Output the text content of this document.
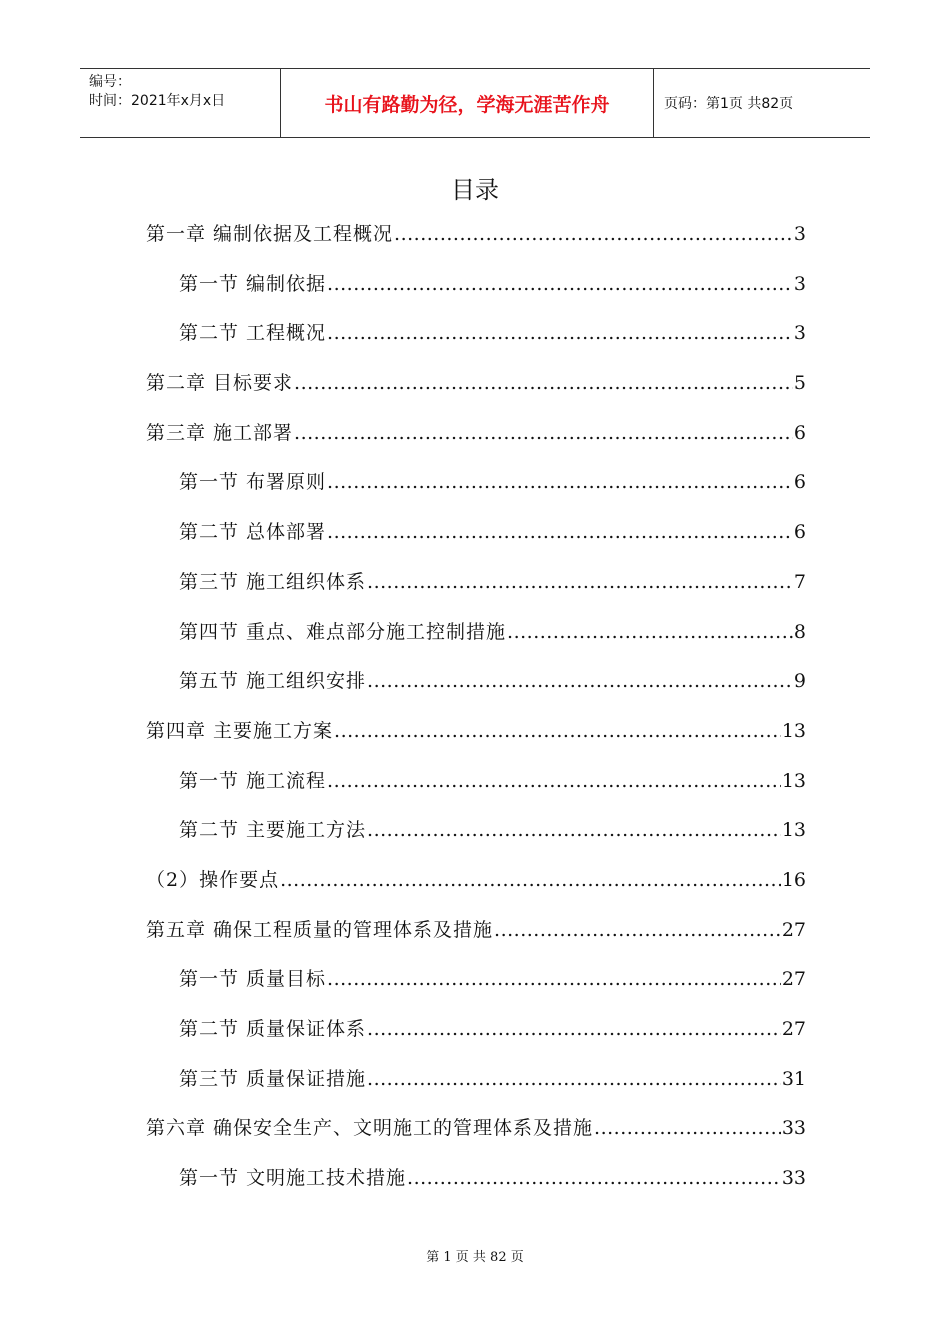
编号：
时间：2021年x月x日	书山有路勤为径，学海无涯苦作舟	页码：第1页 共82页
目录
第一章 编制依据及工程概况 .....	3
第一节 编制依据 .....	3
第二节 工程概况 .....	3
第二章 目标要求 .....	5
第三章 施工部署 .....	6
第一节 布署原则 .....	6
第二节 总体部署 .....	6
第三节 施工组织体系 .....	7
第四节 重点、难点部分施工控制措施 .....	8
第五节 施工组织安排 .....	9
第四章 主要施工方案 .....	13
第一节 施工流程 .....	13
第二节 主要施工方法 .....	13
（2）操作要点 .....	16
第五章 确保工程质量的管理体系及措施 .....	27
第一节 质量目标 .....	27
第二节 质量保证体系 .....	27
第三节 质量保证措施 .....	31
第六章 确保安全生产、文明施工的管理体系及措施 .....	33
第一节 文明施工技术措施 .....	33
第 1 页 共 82 页
